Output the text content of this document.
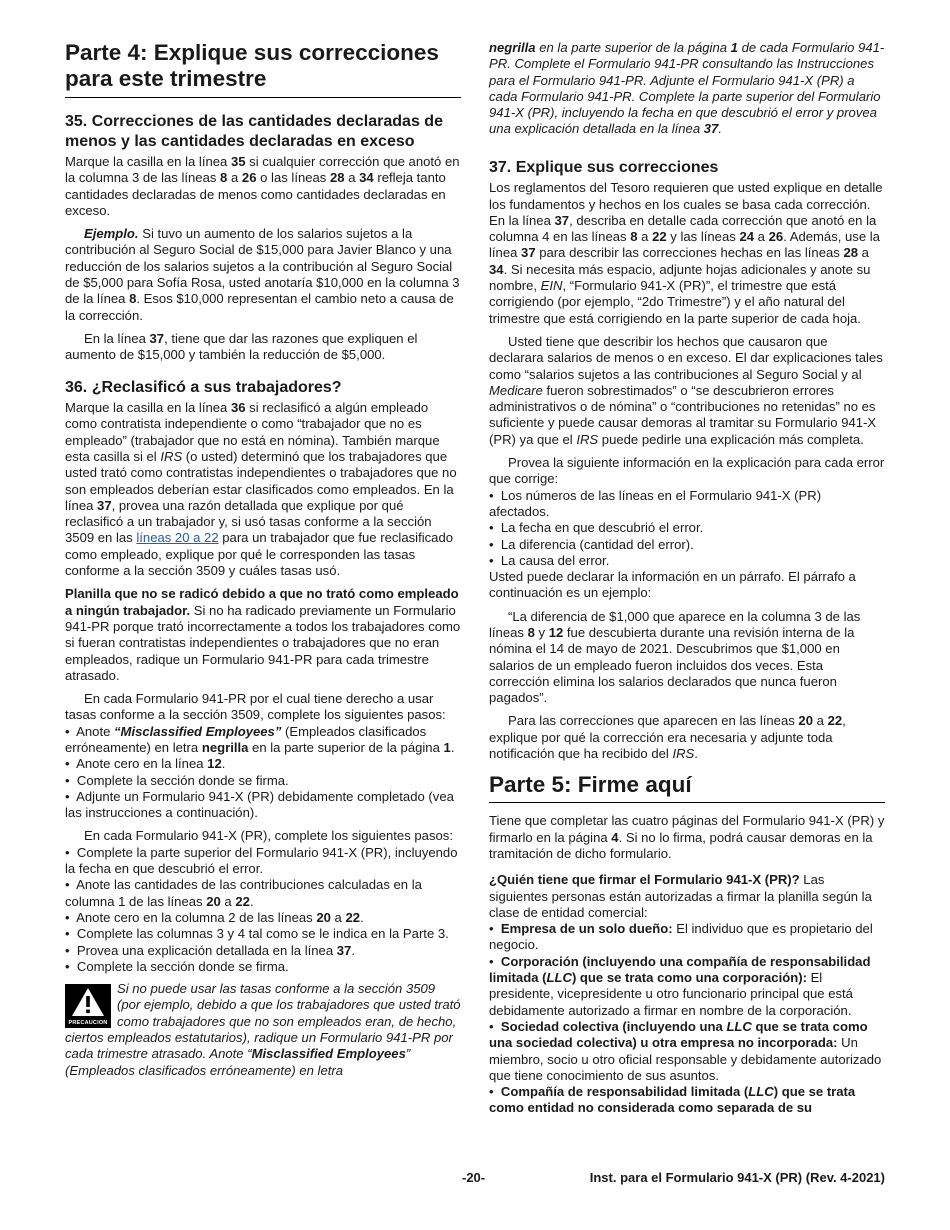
Parte 4: Explique sus correcciones para este trimestre
35. Correcciones de las cantidades declaradas de menos y las cantidades declaradas en exceso

Marque la casilla en la línea 35 si cualquier corrección que anotó en la columna 3 de las líneas 8 a 26 o las líneas 28 a 34 refleja tanto cantidades declaradas de menos como cantidades declaradas en exceso.

Ejemplo. Si tuvo un aumento de los salarios sujetos a la contribución al Seguro Social de $15,000 para Javier Blanco y una reducción de los salarios sujetos a la contribución al Seguro Social de $5,000 para Sofía Rosa, usted anotaría $10,000 en la columna 3 de la línea 8. Esos $10,000 representan el cambio neto a causa de la corrección.

En la línea 37, tiene que dar las razones que expliquen el aumento de $15,000 y también la reducción de $5,000.

36. ¿Reclasificó a sus trabajadores?

Marque la casilla en la línea 36 si reclasificó a algún empleado como contratista independiente o como “trabajador que no es empleado” (trabajador que no está en nómina). También marque esta casilla si el IRS (o usted) determinó que los trabajadores que usted trató como contratistas independientes o trabajadores que no son empleados deberían estar clasificados como empleados. En la línea 37, provea una razón detallada que explique por qué reclasificó a un trabajador y, si usó tasas conforme a la sección 3509 en las líneas 20 a 22 para un trabajador que fue reclasificado como empleado, explique por qué le corresponden las tasas conforme a la sección 3509 y cuáles tasas usó.

Planilla que no se radicó debido a que no trató como empleado a ningún trabajador. Si no ha radicado previamente un Formulario 941-PR porque trató incorrectamente a todos los trabajadores como si fueran contratistas independientes o trabajadores que no eran empleados, radique un Formulario 941-PR para cada trimestre atrasado.

En cada Formulario 941-PR por el cual tiene derecho a usar tasas conforme a la sección 3509, complete los siguientes pasos:

•  Anote “Misclassified Employees” (Empleados clasificados erróneamente) en letra negrilla en la parte superior de la página 1.

•  Anote cero en la línea 12.

•  Complete la sección donde se firma.

•  Adjunte un Formulario 941-X (PR) debidamente completado (vea las instrucciones a continuación).

En cada Formulario 941-X (PR), complete los siguientes pasos:

•  Complete la parte superior del Formulario 941-X (PR), incluyendo la fecha en que descubrió el error.

•  Anote las cantidades de las contribuciones calculadas en la columna 1 de las líneas 20 a 22.

•  Anote cero en la columna 2 de las líneas 20 a 22.

•  Complete las columnas 3 y 4 tal como se le indica en la Parte 3.

•  Provea una explicación detallada en la línea 37.

•  Complete la sección donde se firma.

PRECAUCION
Si no puede usar las tasas conforme a la sección 3509 (por ejemplo, debido a que los trabajadores que usted trató como trabajadores que no son empleados eran, de hecho, ciertos empleados estatutarios), radique un Formulario 941-PR por cada trimestre atrasado. Anote “Misclassified Employees” (Empleados clasificados erróneamente) en letra

negrilla en la parte superior de la página 1 de cada Formulario 941-PR. Complete el Formulario 941-PR consultando las Instrucciones para el Formulario 941-PR. Adjunte el Formulario 941-X (PR) a cada Formulario 941-PR. Complete la parte superior del Formulario 941-X (PR), incluyendo la fecha en que descubrió el error y provea una explicación detallada en la línea 37.

37. Explique sus correcciones

Los reglamentos del Tesoro requieren que usted explique en detalle los fundamentos y hechos en los cuales se basa cada corrección. En la línea 37, describa en detalle cada corrección que anotó en la columna 4 en las líneas 8 a 22 y las líneas 24 a 26. Además, use la línea 37 para describir las correcciones hechas en las líneas 28 a 34. Si necesita más espacio, adjunte hojas adicionales y anote su nombre, EIN, “Formulario 941-X (PR)”, el trimestre que está corrigiendo (por ejemplo, “2do Trimestre”) y el año natural del trimestre que está corrigiendo en la parte superior de cada hoja.

Usted tiene que describir los hechos que causaron que declarara salarios de menos o en exceso. El dar explicaciones tales como “salarios sujetos a las contribuciones al Seguro Social y al Medicare fueron sobrestimados” o “se descubrieron errores administrativos o de nómina” o “contribuciones no retenidas” no es suficiente y puede causar demoras al tramitar su Formulario 941-X (PR) ya que el IRS puede pedirle una explicación más completa.

Provea la siguiente información en la explicación para cada error que corrige:

•  Los números de las líneas en el Formulario 941-X (PR) afectados.

•  La fecha en que descubrió el error.

•  La diferencia (cantidad del error).

•  La causa del error.

Usted puede declarar la información en un párrafo. El párrafo a continuación es un ejemplo:

“La diferencia de $1,000 que aparece en la columna 3 de las líneas 8 y 12 fue descubierta durante una revisión interna de la nómina el 14 de mayo de 2021. Descubrimos que $1,000 en salarios de un empleado fueron incluidos dos veces. Esta corrección elimina los salarios declarados que nunca fueron pagados”.

Para las correcciones que aparecen en las líneas 20 a 22, explique por qué la corrección era necesaria y adjunte toda notificación que ha recibido del IRS.

Parte 5: Firme aquí

Tiene que completar las cuatro páginas del Formulario 941-X (PR) y firmarlo en la página 4. Si no lo firma, podrá causar demoras en la tramitación de dicho formulario.

¿Quién tiene que firmar el Formulario 941-X (PR)? Las siguientes personas están autorizadas a firmar la planilla según la clase de entidad comercial:

•  Empresa de un solo dueño: El individuo que es propietario del negocio.

•  Corporación (incluyendo una compañía de responsabilidad limitada (LLC) que se trata como una corporación): El presidente, vicepresidente u otro funcionario principal que está debidamente autorizado a firmar en nombre de la corporación.

•  Sociedad colectiva (incluyendo una LLC que se trata como una sociedad colectiva) u otra empresa no incorporada: Un miembro, socio u otro oficial responsable y debidamente autorizado que tiene conocimiento de sus asuntos.

•  Compañía de responsabilidad limitada (LLC) que se trata como entidad no considerada como separada de su

-20-	Inst. para el Formulario 941-X (PR) (Rev. 4-2021)
